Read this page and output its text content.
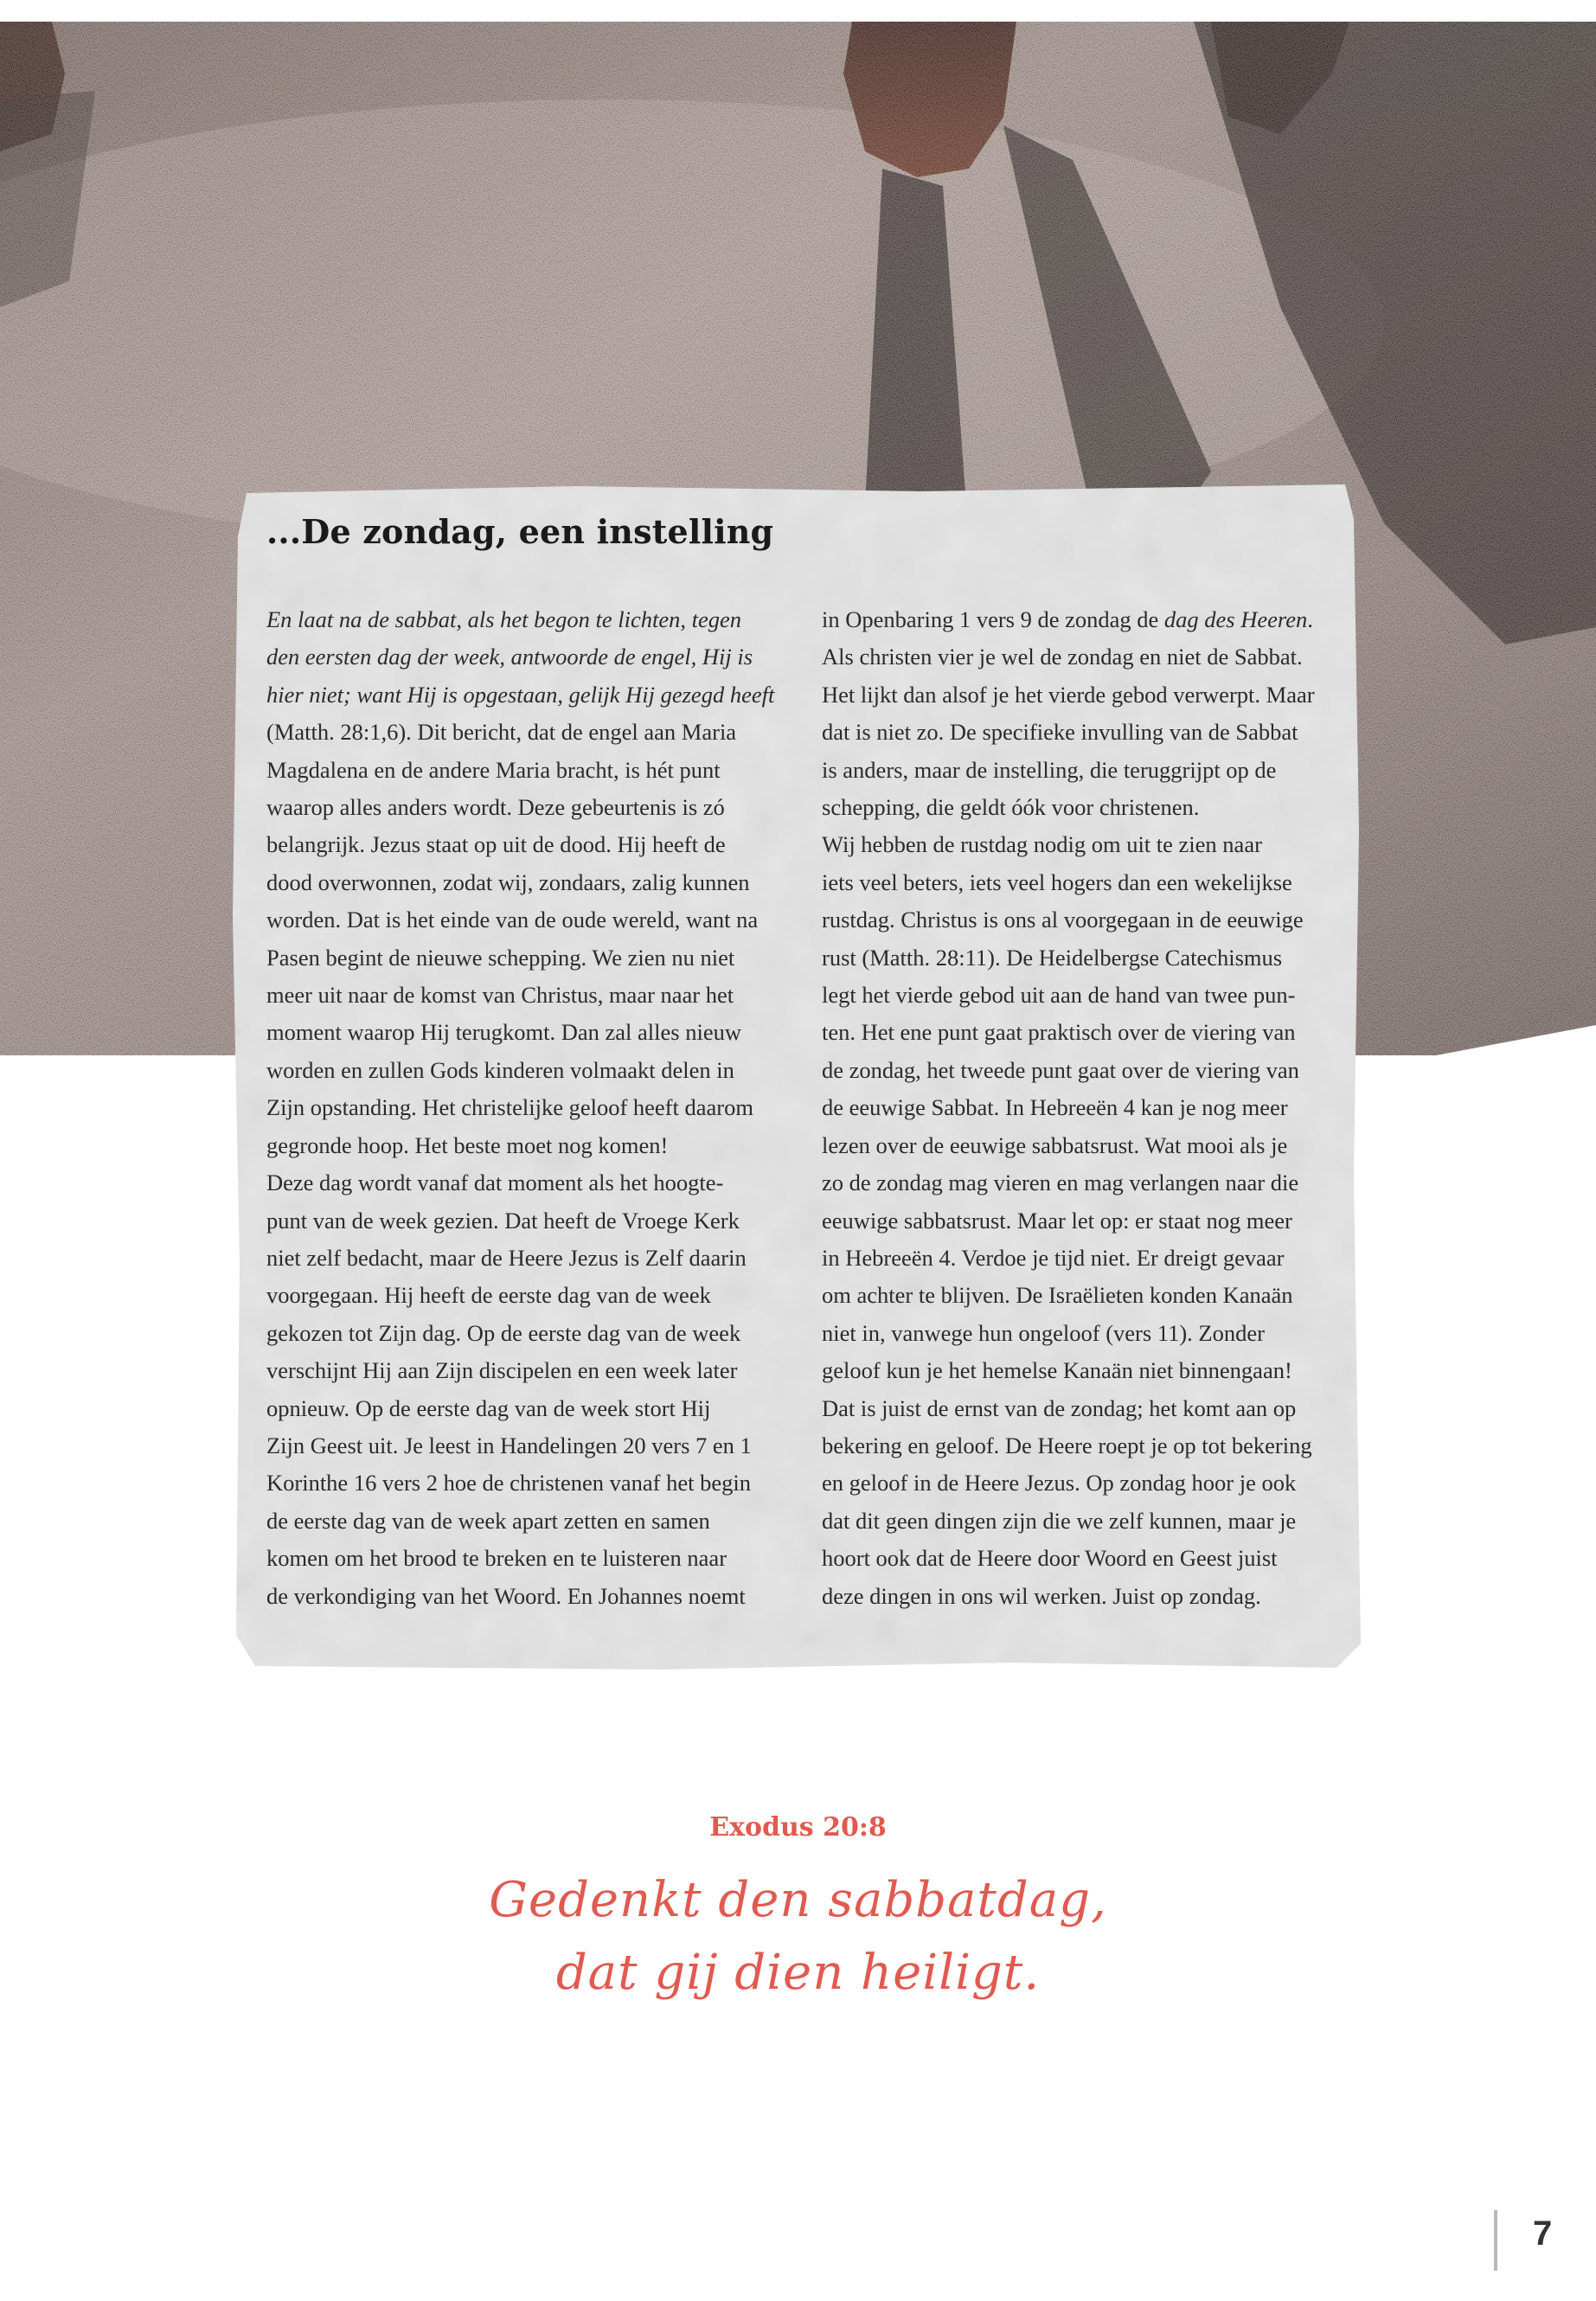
...De zondag, een instelling
En laat na de sabbat, als het begon te lichten, tegen
den eersten dag der week, antwoorde de engel, Hij is
hier niet; want Hij is opgestaan, gelijk Hij gezegd heeft
(Matth. 28:1,6). Dit bericht, dat de engel aan Maria
Magdalena en de andere Maria bracht, is hét punt
waarop alles anders wordt. Deze gebeurtenis is zó
belangrijk. Jezus staat op uit de dood. Hij heeft de
dood overwonnen, zodat wij, zondaars, zalig kunnen
worden. Dat is het einde van de oude wereld, want na
Pasen begint de nieuwe schepping. We zien nu niet
meer uit naar de komst van Christus, maar naar het
moment waarop Hij terugkomt. Dan zal alles nieuw
worden en zullen Gods kinderen volmaakt delen in
Zijn opstanding. Het christelijke geloof heeft daarom
gegronde hoop. Het beste moet nog komen!
Deze dag wordt vanaf dat moment als het hoogte-
punt van de week gezien. Dat heeft de Vroege Kerk
niet zelf bedacht, maar de Heere Jezus is Zelf daarin
voorgegaan. Hij heeft de eerste dag van de week
gekozen tot Zijn dag. Op de eerste dag van de week
verschijnt Hij aan Zijn discipelen en een week later
opnieuw. Op de eerste dag van de week stort Hij
Zijn Geest uit. Je leest in Handelingen 20 vers 7 en 1
Korinthe 16 vers 2 hoe de christenen vanaf het begin
de eerste dag van de week apart zetten en samen
komen om het brood te breken en te luisteren naar
de verkondiging van het Woord. En Johannes noemt
in Openbaring 1 vers 9 de zondag de dag des Heeren.
Als christen vier je wel de zondag en niet de Sabbat.
Het lijkt dan alsof je het vierde gebod verwerpt. Maar
dat is niet zo. De specifieke invulling van de Sabbat
is anders, maar de instelling, die teruggrijpt op de
schepping, die geldt óók voor christenen.
Wij hebben de rustdag nodig om uit te zien naar
iets veel beters, iets veel hogers dan een wekelijkse
rustdag. Christus is ons al voorgegaan in de eeuwige
rust (Matth. 28:11). De Heidelbergse Catechismus
legt het vierde gebod uit aan de hand van twee pun-
ten. Het ene punt gaat praktisch over de viering van
de zondag, het tweede punt gaat over de viering van
de eeuwige Sabbat. In Hebreeën 4 kan je nog meer
lezen over de eeuwige sabbatsrust. Wat mooi als je
zo de zondag mag vieren en mag verlangen naar die
eeuwige sabbatsrust. Maar let op: er staat nog meer
in Hebreeën 4. Verdoe je tijd niet. Er dreigt gevaar
om achter te blijven. De Israëlieten konden Kanaän
niet in, vanwege hun ongeloof (vers 11). Zonder
geloof kun je het hemelse Kanaän niet binnengaan!
Dat is juist de ernst van de zondag; het komt aan op
bekering en geloof. De Heere roept je op tot bekering
en geloof in de Heere Jezus. Op zondag hoor je ook
dat dit geen dingen zijn die we zelf kunnen, maar je
hoort ook dat de Heere door Woord en Geest juist
deze dingen in ons wil werken. Juist op zondag.
Exodus 20:8
Gedenkt den sabbatdag,
dat gij dien heiligt.
7
